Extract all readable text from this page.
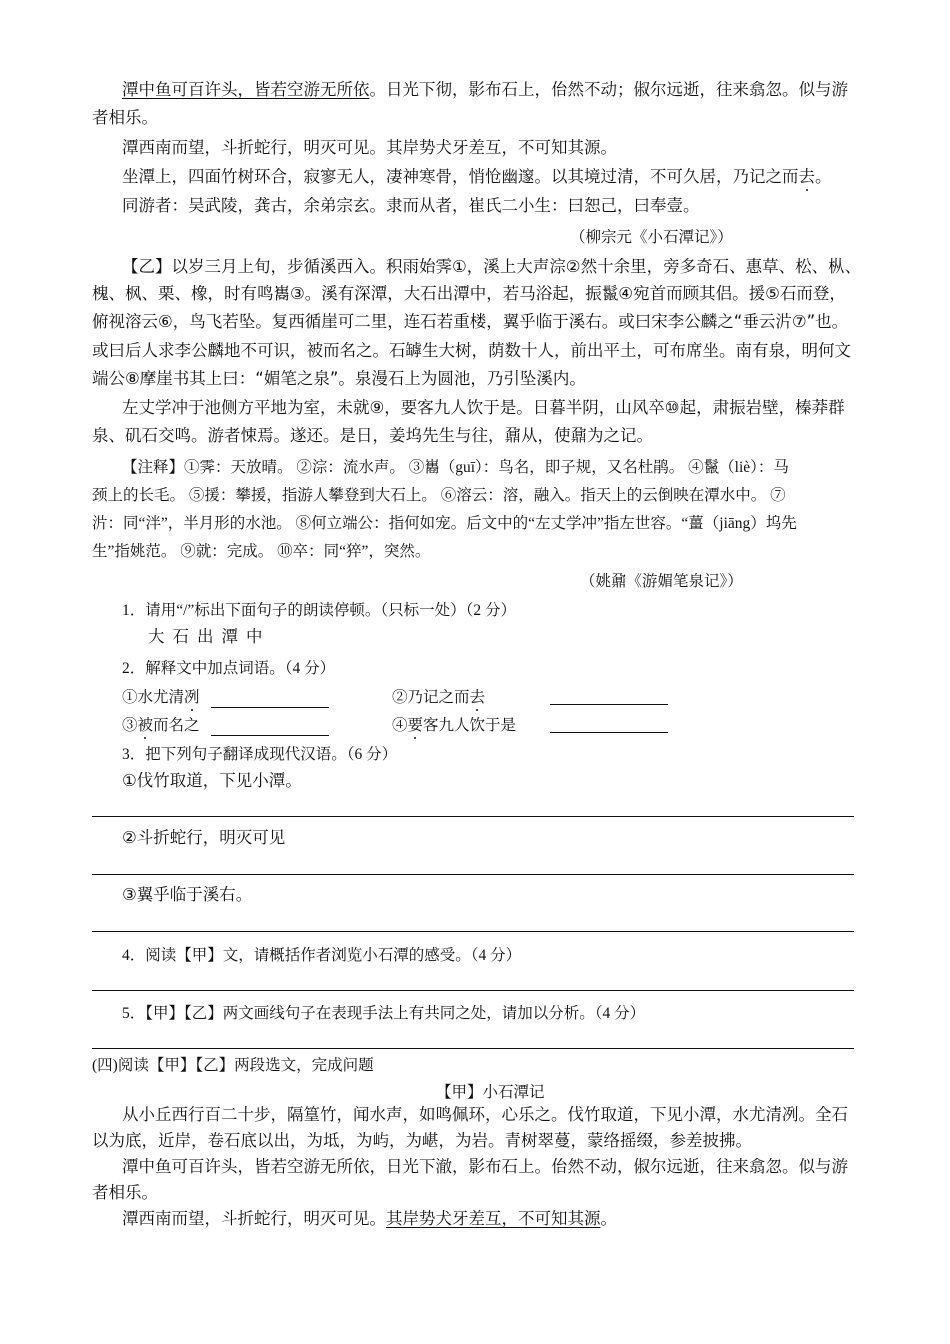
潭中鱼可百许头，皆若空游无所依。日光下彻，影布石上，佁然不动；俶尔远逝，往来翕忽。似与游
者相乐。
潭西南而望，斗折蛇行，明灭可见。其岸势犬牙差互，不可知其源。
坐潭上，四面竹树环合，寂寥无人，凄神寒骨，悄怆幽邃。以其境过清，不可久居，乃记之而去。
同游者：吴武陵，龚古，余弟宗玄。隶而从者，崔氏二小生：曰恕己，曰奉壹。
（柳宗元《小石潭记》）
【乙】以岁三月上旬，步循溪西入。积雨始霁①，溪上大声淙②然十余里，旁多奇石、惠草、松、枞、
槐、枫、栗、橡，时有鸣巂③。溪有深潭，大石出潭中，若马浴起，振鬣④宛首而顾其侣。援⑤石而登，
俯视溶云⑥，鸟飞若坠。复西循崖可二里，连石若重楼，翼乎临于溪右。或曰宋李公麟之“垂云沜⑦”也。
或曰后人求李公麟地不可识，被而名之。石罅生大树，荫数十人，前出平土，可布席坐。南有泉，明何文
端公⑧摩崖书其上曰：“媚笔之泉”。泉漫石上为圆池，乃引坠溪内。
左丈学冲于池侧方平地为室，未就⑨，要客九人饮于是。日暮半阴，山风卒⑩起，肃振岩壁，榛莽群
泉、矶石交鸣。游者悚焉。遂还。是日，姜坞先生与往，鼐从，使鼐为之记。
【注释】①霁：天放晴。 ②淙：流水声。 ③巂（guī）：鸟名，即子规，又名杜鹃。 ④鬣（liè）：马
颈上的长毛。 ⑤援：攀援，指游人攀登到大石上。 ⑥溶云：溶，融入。指天上的云倒映在潭水中。 ⑦
沜：同“泮”，半月形的水池。 ⑧何立端公：指何如宠。后文中的“左丈学冲”指左世容。“薑（jiāng）坞先
生”指姚范。 ⑨就：完成。 ⑩卒：同“猝”，突然。
（姚鼐《游媚笔泉记》）
1．请用“/”标出下面句子的朗读停顿。（只标一处）（2 分）
大石出潭中
2．解释文中加点词语。（4 分）
①水尤清冽	②乃记之而去
③被而名之	④要客九人饮于是
3．把下列句子翻译成现代汉语。（6 分）
①伐竹取道，下见小潭。
②斗折蛇行，明灭可见
③翼乎临于溪右。
4．阅读【甲】文，请概括作者浏览小石潭的感受。（4 分）
5．【甲】【乙】两文画线句子在表现手法上有共同之处，请加以分析。（4 分）
(四)阅读【甲】【乙】两段选文，完成问题
【甲】小石潭记
从小丘西行百二十步，隔篁竹，闻水声，如鸣佩环，心乐之。伐竹取道，下见小潭，水尤清冽。全石
以为底，近岸，卷石底以出，为坻，为屿，为嵁，为岩。青树翠蔓，蒙络摇缀，参差披拂。
潭中鱼可百许头，皆若空游无所依，日光下澈，影布石上。佁然不动，俶尔远逝，往来翕忽。似与游
者相乐。
潭西南而望，斗折蛇行，明灭可见。其岸势犬牙差互，不可知其源。
